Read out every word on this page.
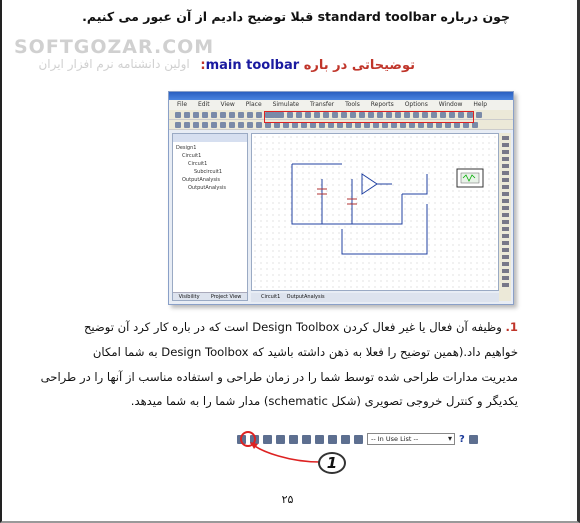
چون درباره standard toolbar قبلا توضیح دادیم از آن عبور می کنیم.
SOFTGOZAR.COM
اولین دانشنامه نرم افزار ایران	توضیحاتی در باره main toolbar:
File Edit View Place Simulate Transfer Tools Reports Options Window Help
Design1
Circuit1
Circuit1
Subcircuit1
OutputAnalysis
OutputAnalysis
Visibility Project View	Circuit1 OutputAnalysis
1. وظیفه آن فعال یا غیر فعال کردن Design Toolbox است که در باره کار کرد آن توضیح
خواهیم داد.(همین توضیح را فعلا به ذهن داشته باشید که Design Toolbox به شما امکان
مدیریت مدارات طراحی شده توسط شما را در زمان طراحی و استفاده مناسب از آنها را در طراحی
یکدیگر و کنترل خروجی تصویری (شکل schematic) مدار شما را به شما میدهد.
-- In Use List -- ▾	?
1
۲۵
